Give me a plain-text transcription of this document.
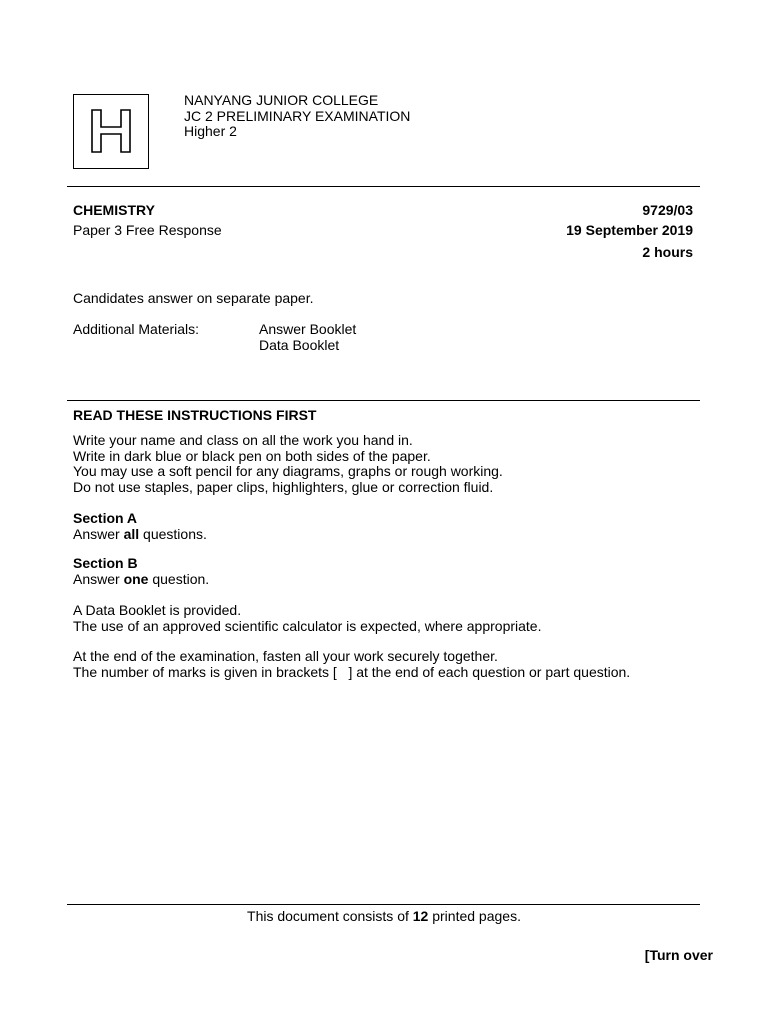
NANYANG JUNIOR COLLEGE
JC 2 PRELIMINARY EXAMINATION
Higher 2
CHEMISTRY	9729/03
Paper 3 Free Response	19 September 2019
2 hours
Candidates answer on separate paper.
Additional Materials:	Answer Booklet
Data Booklet
READ THESE INSTRUCTIONS FIRST
Write your name and class on all the work you hand in.
Write in dark blue or black pen on both sides of the paper.
You may use a soft pencil for any diagrams, graphs or rough working.
Do not use staples, paper clips, highlighters, glue or correction fluid.
Section A
Answer all questions.
Section B
Answer one question.
A Data Booklet is provided.
The use of an approved scientific calculator is expected, where appropriate.
At the end of the examination, fasten all your work securely together.
The number of marks is given in brackets [   ] at the end of each question or part question.
This document consists of 12 printed pages.
[Turn over
